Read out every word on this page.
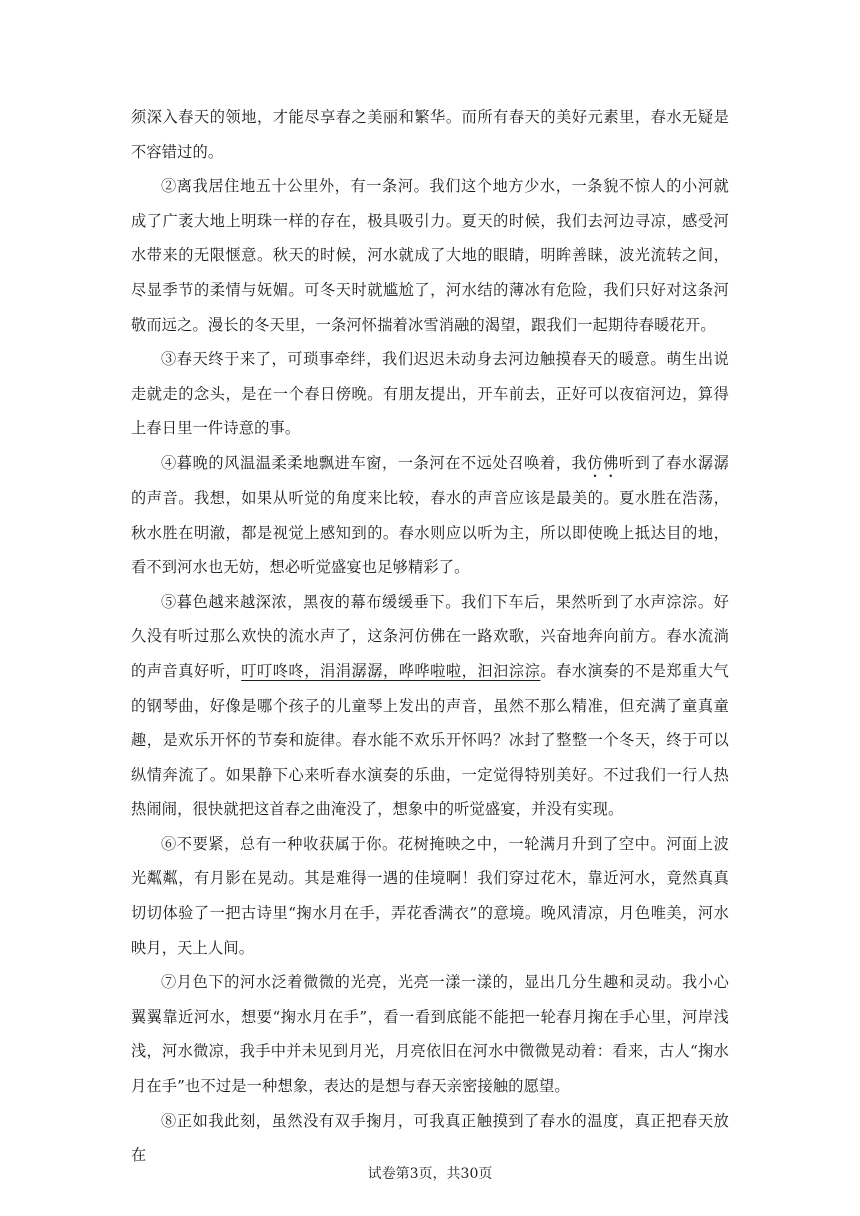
须深入春天的领地，才能尽享春之美丽和繁华。而所有春天的美好元素里，春水无疑是不容错过的。

②离我居住地五十公里外，有一条河。我们这个地方少水，一条貌不惊人的小河就成了广袤大地上明珠一样的存在，极具吸引力。夏天的时候，我们去河边寻凉，感受河水带来的无限惬意。秋天的时候，河水就成了大地的眼睛，明眸善睐，波光流转之间，尽显季节的柔情与妩媚。可冬天时就尴尬了，河水结的薄冰有危险，我们只好对这条河敬而远之。漫长的冬天里，一条河怀揣着冰雪消融的渴望，跟我们一起期待春暖花开。

③春天终于来了，可琐事牵绊，我们迟迟未动身去河边触摸春天的暖意。萌生出说走就走的念头，是在一个春日傍晚。有朋友提出，开车前去，正好可以夜宿河边，算得上春日里一件诗意的事。

④暮晚的风温温柔柔地飘进车窗，一条河在不远处召唤着，我仿佛听到了春水潺潺的声音。我想，如果从听觉的角度来比较，春水的声音应该是最美的。夏水胜在浩荡，秋水胜在明澈，都是视觉上感知到的。春水则应以听为主，所以即使晚上抵达目的地，看不到河水也无妨，想必听觉盛宴也足够精彩了。

⑤暮色越来越深浓，黑夜的幕布缓缓垂下。我们下车后，果然听到了水声淙淙。好久没有听过那么欢快的流水声了，这条河仿佛在一路欢歌，兴奋地奔向前方。春水流淌的声音真好听，叮叮咚咚，涓涓潺潺，哗哗啦啦，汩汩淙淙。春水演奏的不是郑重大气的钢琴曲，好像是哪个孩子的儿童琴上发出的声音，虽然不那么精准，但充满了童真童趣，是欢乐开怀的节奏和旋律。春水能不欢乐开怀吗？冰封了整整一个冬天，终于可以纵情奔流了。如果静下心来听春水演奏的乐曲，一定觉得特别美好。不过我们一行人热热闹闹，很快就把这首春之曲淹没了，想象中的听觉盛宴，并没有实现。

⑥不要紧，总有一种收获属于你。花树掩映之中，一轮满月升到了空中。河面上波光粼粼，有月影在晃动。其是难得一遇的佳境啊！我们穿过花木，靠近河水，竟然真真切切体验了一把古诗里“掬水月在手，弄花香满衣”的意境。晚风清凉，月色唯美，河水映月，天上人间。

⑦月色下的河水泛着微微的光亮，光亮一漾一漾的，显出几分生趣和灵动。我小心翼翼靠近河水，想要“掬水月在手”，看一看到底能不能把一轮春月掬在手心里，河岸浅浅，河水微凉，我手中并未见到月光，月亮依旧在河水中微微晃动着：看来，古人“掬水月在手”也不过是一种想象，表达的是想与春天亲密接触的愿望。

⑧正如我此刻，虽然没有双手掬月，可我真正触摸到了春水的温度，真正把春天放在

试卷第3页，共30页
